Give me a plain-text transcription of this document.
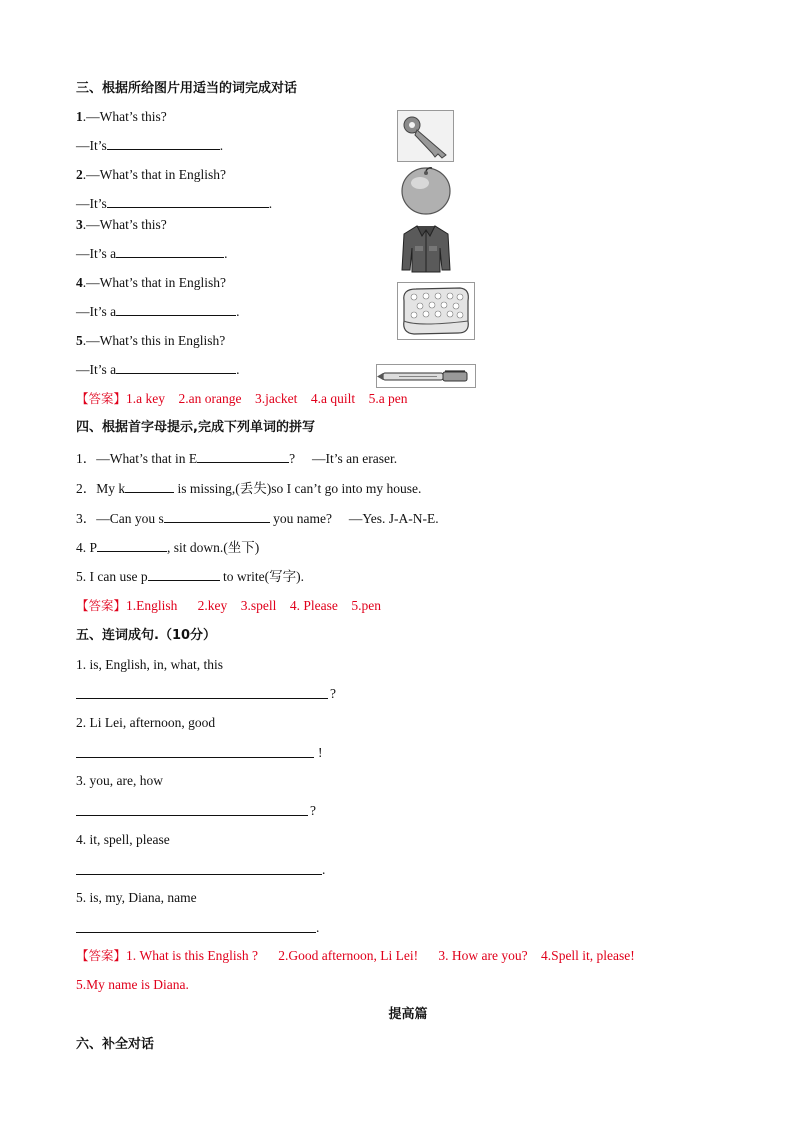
三、根据所给图片用适当的词完成对话
1.—What’s this?
—It’s	.
2.—What’s that in English?
—It’s	.
3.—What’s this?
—It’s a	.
4.—What’s that in English?
—It’s a	.
5.—What’s this in English?
—It’s a	.
【答案】1.a key    2.an orange    3.jacket    4.a quilt    5.a pen
四、根据首字母提示,完成下列单词的拼写
1．—What’s that in E	?     —It’s an eraser.
2．My k	is missing,(丢失)so I can’t go into my house.
3．—Can you s	you name?     —Yes. J-A-N-E.
4. P	, sit down.(坐下)
5. I can use p	to write(写字).
【答案】1.English      2.key    3.spell    4. Please    5.pen
五、连词成句.（10分）
1. is, English, in, what, this
?
2. Li Lei, afternoon, good
!
3. you, are, how
?
4. it, spell, please
.
5. is, my, Diana, name
.
【答案】1. What is this English ?      2.Good afternoon, Li Lei!      3. How are you?    4.Spell it, please!
5.My name is Diana.
提高篇
六、补全对话
